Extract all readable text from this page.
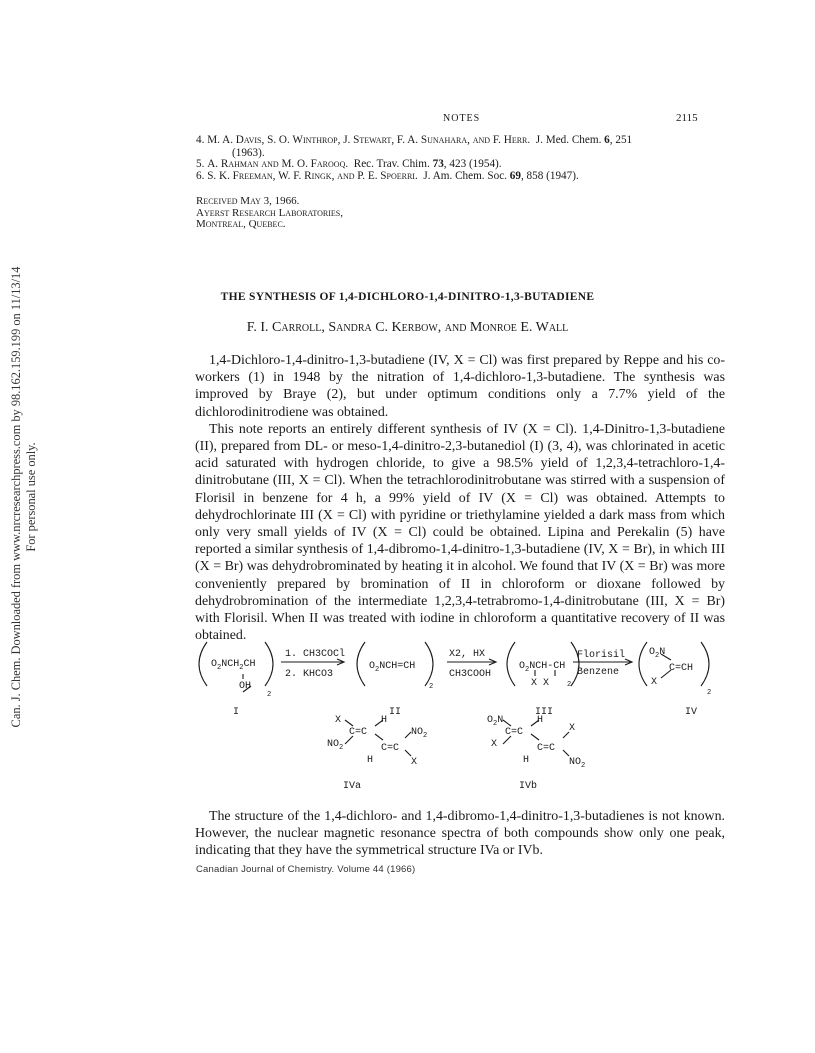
Can. J. Chem. Downloaded from www.nrcresearchpress.com by 98.162.159.199 on 11/13/14 For personal use only.
NOTES	2115
4. M. A. Davis, S. O. Winthrop, J. Stewart, F. A. Sunahara, and F. Herr. J. Med. Chem. 6, 251
(1963).
5. A. Rahman and M. O. Farooq. Rec. Trav. Chim. 73, 423 (1954).
6. S. K. Freeman, W. F. Ringk, and P. E. Spoerri. J. Am. Chem. Soc. 69, 858 (1947).
Received May 3, 1966.
Ayerst Research Laboratories,
Montreal, Quebec.
THE SYNTHESIS OF 1,4-DICHLORO-1,4-DINITRO-1,3-BUTADIENE
F. I. Carroll, Sandra C. Kerbow, and Monroe E. Wall

1,4-Dichloro-1,4-dinitro-1,3-butadiene (IV, X = Cl) was first prepared by Reppe and his co-workers (1) in 1948 by the nitration of 1,4-dichloro-1,3-butadiene. The synthesis was improved by Braye (2), but under optimum conditions only a 7.7% yield of the dichlorodinitrodiene was obtained.

This note reports an entirely different synthesis of IV (X = Cl). 1,4-Dinitro-1,3-butadiene (II), prepared from DL- or meso-1,4-dinitro-2,3-butanediol (I) (3, 4), was chlorinated in acetic acid saturated with hydrogen chloride, to give a 98.5% yield of 1,2,3,4-tetrachloro-1,4-dinitrobutane (III, X = Cl). When the tetrachlorodinitrobutane was stirred with a suspension of Florisil in benzene for 4 h, a 99% yield of IV (X = Cl) was obtained. Attempts to dehydrochlorinate III (X = Cl) with pyridine or triethylamine yielded a dark mass from which only very small yields of IV (X = Cl) could be obtained. Lipina and Perekalin (5) have reported a similar synthesis of 1,4-dibromo-1,4-dinitro-1,3-butadiene (IV, X = Br), in which III (X = Br) was dehydrobrominated by heating it in alcohol. We found that IV (X = Br) was more conveniently prepared by bromination of II in chloroform or dioxane followed by dehydrobromination of the intermediate 1,2,3,4-tetrabromo-1,4-dinitrobutane (III, X = Br) with Florisil. When II was treated with iodine in chloroform a quantitative recovery of II was obtained.

$O_2NCH_2CH$
OH
2
1. CH3COCl
2. KHCO3
$O_2NCH=CH$
2
X2, HX
CH3COOH
$O_2NCH-CH$
X X	2
Florisil
Benzene
$O_2N$
C=CH
X
2
I	II	III	IV
X	H
C=C
$NO_2$	C=C
$NO_2$
H	X
IVa
$O_2N$	H
C=C
X	C=C
X
H	$NO_2$
IVb

The structure of the 1,4-dichloro- and 1,4-dibromo-1,4-dinitro-1,3-butadienes is not known. However, the nuclear magnetic resonance spectra of both compounds show only one peak, indicating that they have the symmetrical structure IVa or IVb.

Canadian Journal of Chemistry. Volume 44 (1966)
